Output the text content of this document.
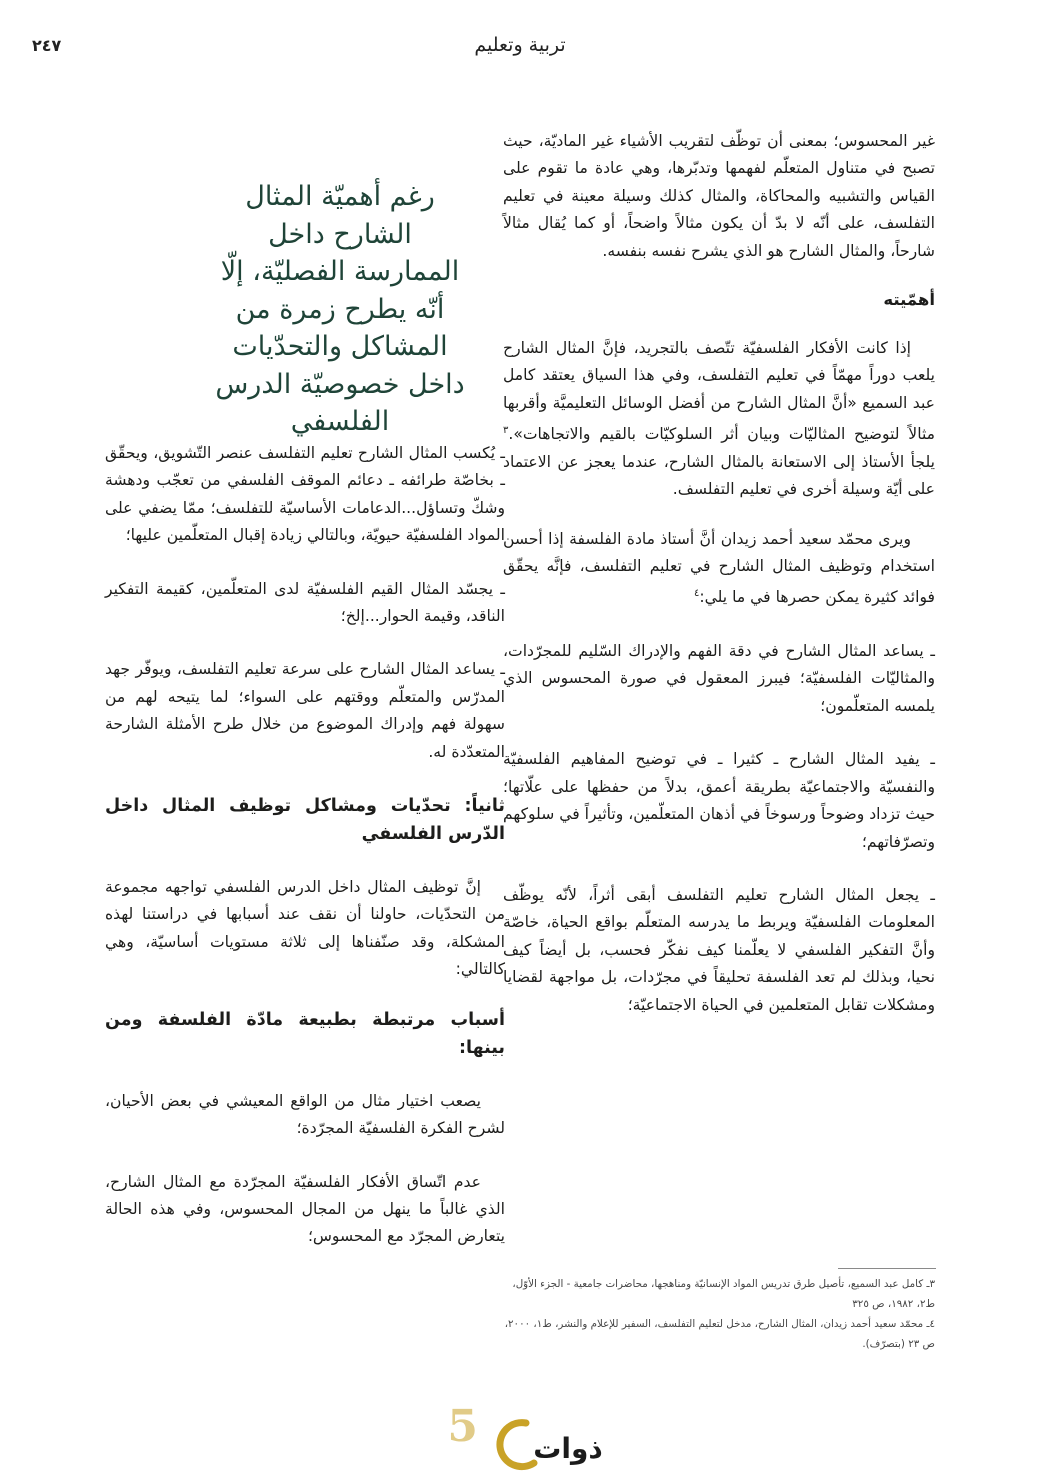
تربية وتعليم
٢٤٧

غير المحسوس؛ بمعنى أن توظّف لتقريب الأشياء غير الماديّة، حيث تصبح في متناول المتعلّم لفهمها وتدبّرها، وهي عادة ما تقوم على القياس والتشبيه والمحاكاة، والمثال كذلك وسيلة معينة في تعليم التفلسف، على أنّه لا بدّ أن يكون مثالاً واضحاً، أو كما يُقال مثالاً شارحاً، والمثال الشارح هو الذي يشرح نفسه بنفسه.

أهمّيته

إذا كانت الأفكار الفلسفيّة تتّصف بالتجريد، فإنَّ المثال الشارح يلعب دوراً مهمّاً في تعليم التفلسف، وفي هذا السياق يعتقد كامل عبد السميع «أنَّ المثال الشارح من أفضل الوسائل التعليميَّة وأقربها مثالاً لتوضيح المثاليّات وبيان أثر السلوكيّات بالقيم والاتجاهات».$^٣$ يلجأ الأستاذ إلى الاستعانة بالمثال الشارح، عندما يعجز عن الاعتماد على أيّة وسيلة أخرى في تعليم التفلسف.

ويرى محمّد سعيد أحمد زيدان أنَّ أستاذ مادة الفلسفة إذا أحسن استخدام وتوظيف المثال الشارح في تعليم التفلسف، فإنَّه يحقّق فوائد كثيرة يمكن حصرها في ما يلي:$^٤$

ـ يساعد المثال الشارح في دقة الفهم والإدراك السّليم للمجرّدات، والمثاليّات الفلسفيّة؛ فيبرز المعقول في صورة المحسوس الذي يلمسه المتعلّمون؛

ـ يفيد المثال الشارح ـ كثيرا ـ في توضيح المفاهيم الفلسفيّة والنفسيّة والاجتماعيّة بطريقة أعمق، بدلاً من حفظها على علّاتها؛ حيث تزداد وضوحاً ورسوخاً في أذهان المتعلّمين، وتأثيراً في سلوكهم وتصرّفاتهم؛

ـ يجعل المثال الشارح تعليم التفلسف أبقى أثراً، لأنّه يوظّف المعلومات الفلسفيّة ويربط ما يدرسه المتعلّم بواقع الحياة، خاصّة وأنَّ التفكير الفلسفي لا يعلّمنا كيف نفكّر فحسب، بل أيضاً كيف نحيا، وبذلك لم تعد الفلسفة تحليقاً في مجرّدات، بل مواجهة لقضايا ومشكلات تقابل المتعلمين في الحياة الاجتماعيّة؛

رغم أهميّة المثال الشارح داخل الممارسة الفصليّة، إلّا أنّه يطرح زمرة من المشاكل والتحدّيات داخل خصوصيّة الدرس الفلسفي

ـ يُكسب المثال الشارح تعليم التفلسف عنصر التّشويق، ويحقّق ـ بخاصّة طرائفه ـ دعائم الموقف الفلسفي من تعجّب ودهشة وشكّ وتساؤل...الدعامات الأساسيّة للتفلسف؛ ممّا يضفي على المواد الفلسفيّة حيويّة، وبالتالي زيادة إقبال المتعلّمين عليها؛

ـ يجسّد المثال القيم الفلسفيّة لدى المتعلّمين، كقيمة التفكير الناقد، وقيمة الحوار...إلخ؛

ـ يساعد المثال الشارح على سرعة تعليم التفلسف، ويوفّر جهد المدرّس والمتعلّم ووقتهم على السواء؛ لما يتيحه لهم من سهولة فهم وإدراك الموضوع من خلال طرح الأمثلة الشارحة المتعدّدة له.

ثانياً: تحدّيات ومشاكل توظيف المثال داخل الدّرس الفلسفي

إنَّ توظيف المثال داخل الدرس الفلسفي تواجهه مجموعة من التحدّيات، حاولنا أن نقف عند أسبابها في دراستنا لهذه المشكلة، وقد صنّفناها إلى ثلاثة مستويات أساسيّة، وهي كالتالي:

أسباب مرتبطة بطبيعة مادّة الفلسفة ومن بينها:

يصعب اختيار مثال من الواقع المعيشي في بعض الأحيان، لشرح الفكرة الفلسفيّة المجرّدة؛

عدم اتّساق الأفكار الفلسفيّة المجرّدة مع المثال الشارح، الذي غالباً ما ينهل من المجال المحسوس، وفي هذه الحالة يتعارض المجرّد مع المحسوس؛

٣ـ كامل عبد السميع، تأصيل طرق تدريس المواد الإنسانيّة ومناهجها، محاضرات جامعية - الجزء الأوّل، ط٢، ١٩٨٢، ص ٣٢٥

٤ـ محمّد سعيد أحمد زيدان، المثال الشارح، مدخل لتعليم التفلسف، السفير للإعلام والنشر، ط١، ٢٠٠٠، ص ٢٣ (بتصرّف).

5 ذوات
